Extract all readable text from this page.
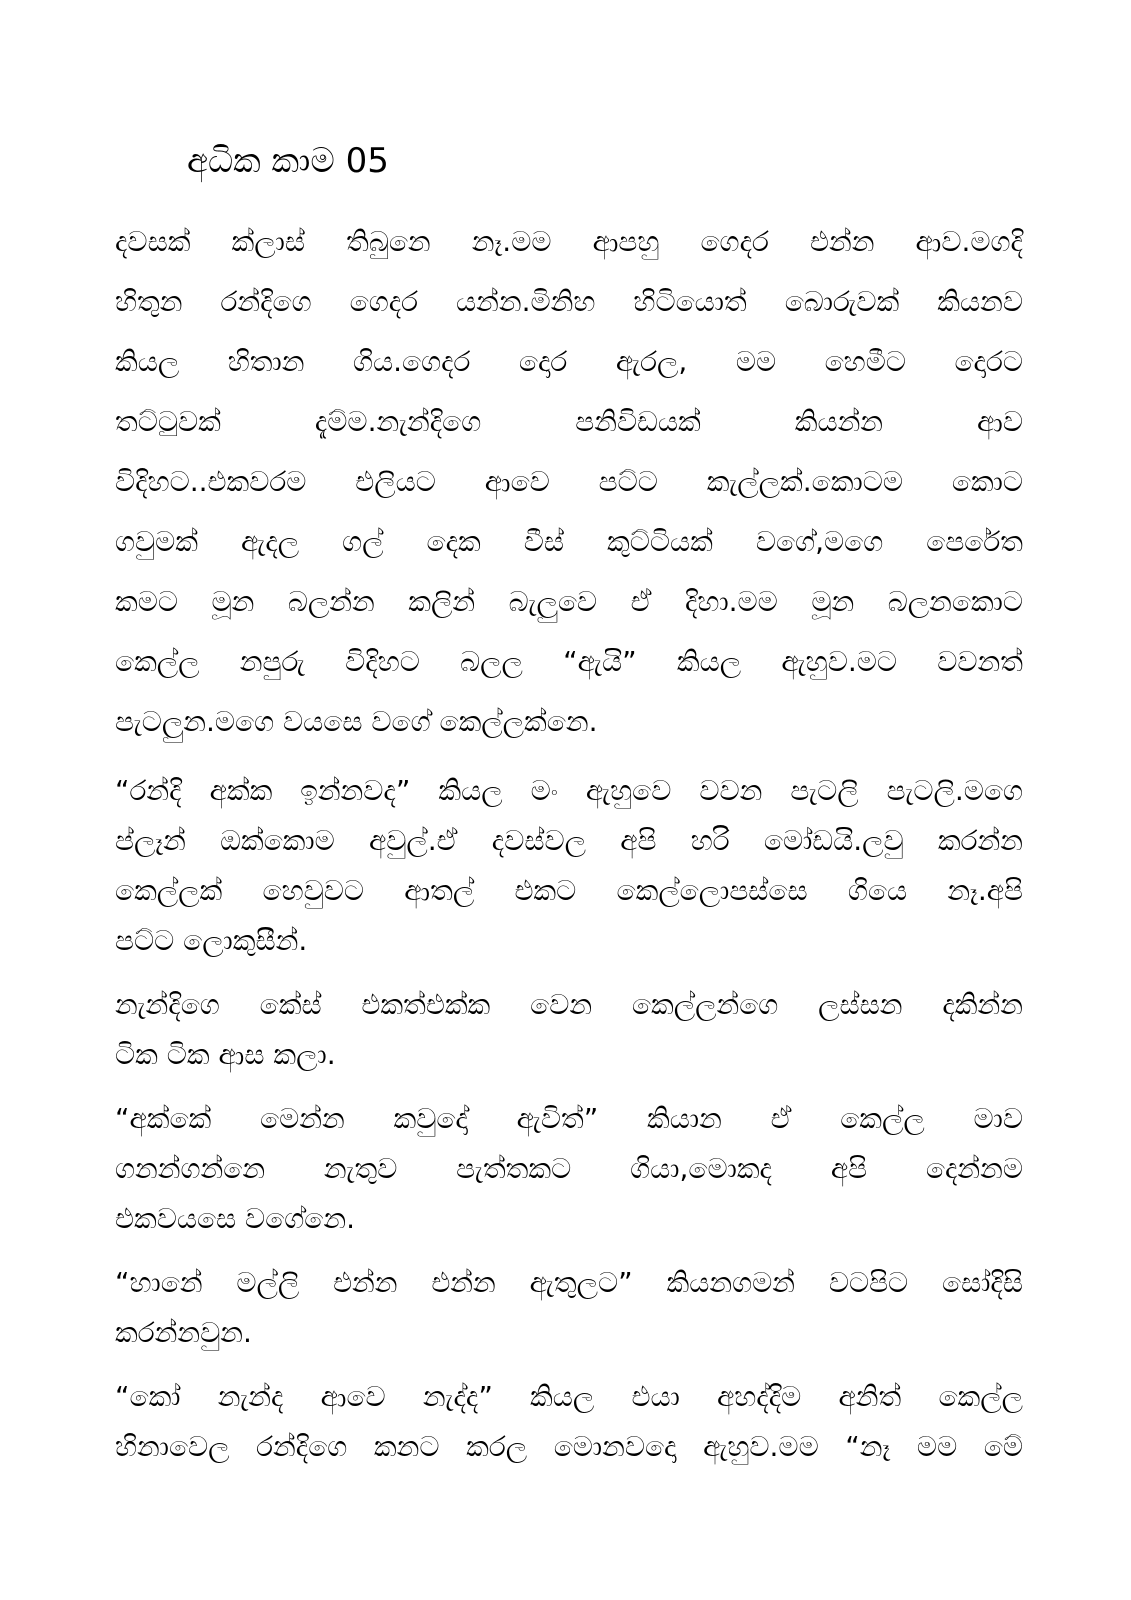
අධික කාම 05
දවසක් ක්ලාස් තිබුනෙ නෑ.මම ආපහු ගෙදර එන්න ආව.මගදි
හිතුන රන්දිගෙ ගෙදර යන්න.මිනිහ හිටියොත් බොරුවක් කියනව
කියල හිතාන ගිය.ගෙදර දොර ඇරල, මම හෙමීට දොරට
තට්ටුවක් දැම්ම.නැන්දිගෙ පනිවිඩයක් කියන්න ආව
විදිහට..එකවරම එලියට ආවෙ පට්ට කැල්ලක්.කොටම කොට
ගවුමක් ඇදල ගල් දෙක වීස් කුට්ටියක් වගේ,මගෙ පෙරේත
කමට මූන බලන්න කලින් බැලුවෙ ඒ දිහා.මම මූන බලනකොට
කෙල්ල නපුරු විදිහට බලල “ඇයි” කියල ඇහුව.මට වවනත්
පැටලුන.මගෙ වයසෙ වගේ කෙල්ලක්නෙ.
“රන්දි අක්ක ඉන්නවද” කියල මං ඇහුවෙ වවන පැටලි පැටලි.මගෙ
ප්ලෑන් ඔක්කොම අවුල්.ඒ දවස්වල අපි හරි මෝඩයි.ලවු කරන්න
කෙල්ලක් හෙවුවට ආතල් එකට කෙල්ලොපස්සෙ ගියෙ නෑ.අපි
පට්ට ලොකුසීන්.
නැන්දිගෙ කේස් එකත්එක්ක වෙන කෙල්ලන්ගෙ ලස්සන දකින්න
ටික ටික ආස කලා.
“අක්කේ මෙන්න කවුදෝ ඇවිත්” කියාන ඒ කෙල්ල මාව
ගනන්ගන්නෙ නැතුව පැත්තකට ගියා,මොකද අපි දෙන්නම
එකවයසෙ වගේනෙ.
“හානේ මල්ලි එන්න එන්න ඇතුලට” කියනගමන් වටපිට සෝදිසි
කරන්නවුන.
“කෝ නැන්ද ආවෙ නැද්ද” කියල එයා අහද්දිම අනිත් කෙල්ල
හිනාවෙල රන්දිගෙ කනට කරල මොනවදො ඇහුව.මම “නෑ මම මේ
